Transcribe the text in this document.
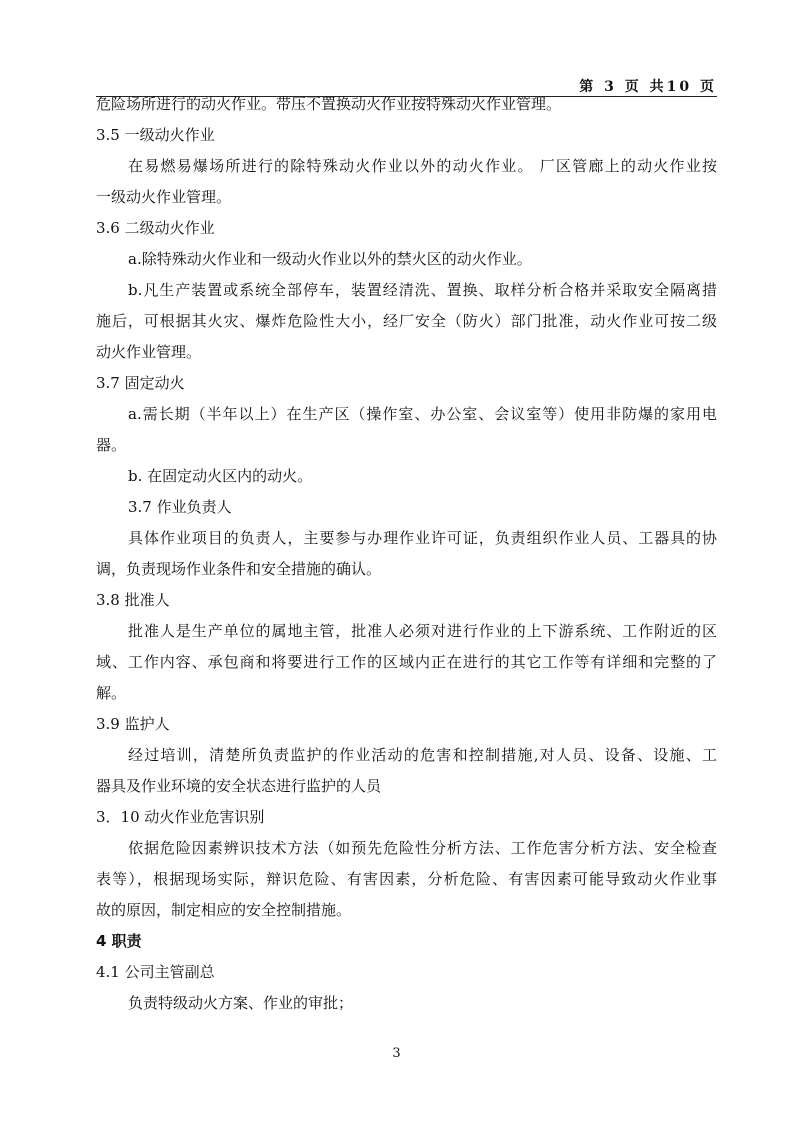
第 3 页 共10 页
危险场所进行的动火作业。带压不置换动火作业按特殊动火作业管理。
3.5 一级动火作业
在易燃易爆场所进行的除特殊动火作业以外的动火作业。 厂区管廊上的动火作业按
一级动火作业管理。
3.6 二级动火作业
a.除特殊动火作业和一级动火作业以外的禁火区的动火作业。
b.凡生产装置或系统全部停车，装置经清洗、置换、取样分析合格并采取安全隔离措
施后，可根据其火灾、爆炸危险性大小，经厂安全（防火）部门批准，动火作业可按二级
动火作业管理。
3.7 固定动火
a.需长期（半年以上）在生产区（操作室、办公室、会议室等）使用非防爆的家用电
器。
b. 在固定动火区内的动火。
3.7 作业负责人
具体作业项目的负责人，主要参与办理作业许可证，负责组织作业人员、工器具的协
调，负责现场作业条件和安全措施的确认。
3.8 批准人
批准人是生产单位的属地主管，批准人必须对进行作业的上下游系统、工作附近的区
域、工作内容、承包商和将要进行工作的区域内正在进行的其它工作等有详细和完整的了
解。
3.9 监护人
经过培训，清楚所负责监护的作业活动的危害和控制措施,对人员、设备、设施、工
器具及作业环境的安全状态进行监护的人员
3．10 动火作业危害识别
依据危险因素辨识技术方法（如预先危险性分析方法、工作危害分析方法、安全检查
表等），根据现场实际，辩识危险、有害因素，分析危险、有害因素可能导致动火作业事
故的原因，制定相应的安全控制措施。
4 职责
4.1 公司主管副总
负责特级动火方案、作业的审批；
3
